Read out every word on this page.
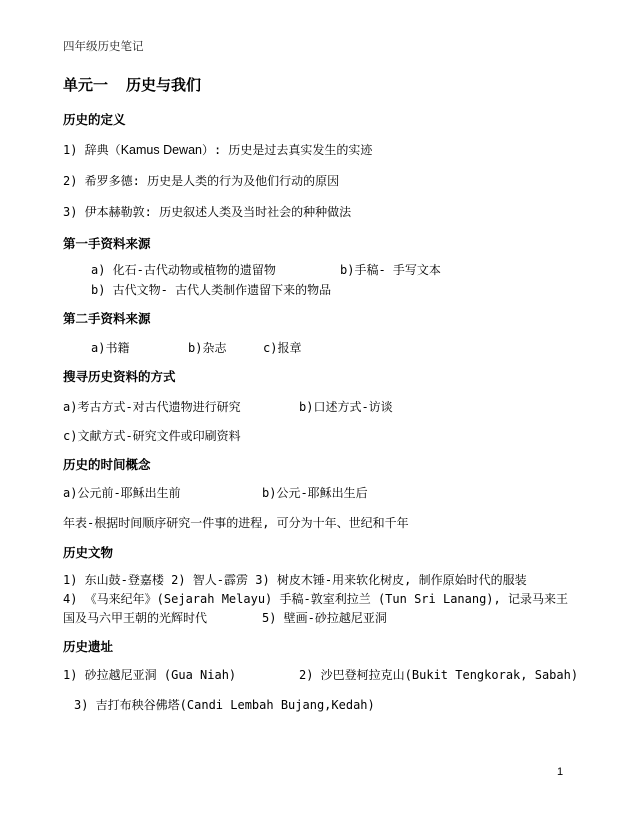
四年级历史笔记
单元一 历史与我们
历史的定义
1) 辞典（Kamus Dewan）: 历史是过去真实发生的实迹
2) 希罗多德: 历史是人类的行为及他们行动的原因
3) 伊本赫勒敦: 历史叙述人类及当时社会的种种做法
第一手资料来源
a) 化石-古代动物或植物的遗留物	b)手稿- 手写文本
b) 古代文物- 古代人类制作遗留下来的物品
第二手资料来源
a)书籍	b)杂志	c)报章
搜寻历史资料的方式
a)考古方式-对古代遗物进行研究	b)口述方式-访谈
c)文献方式-研究文件或印刷资料
历史的时间概念
a)公元前-耶稣出生前	b)公元-耶稣出生后
年表-根据时间顺序研究一件事的进程, 可分为十年、世纪和千年
历史文物
1) 东山鼓-登嘉楼 2) 智人-霹雳 3) 树皮木锤-用来软化树皮, 制作原始时代的服装
4) 《马来纪年》(Sejarah Melayu) 手稿-敦室利拉兰 (Tun Sri Lanang), 记录马来王
国及马六甲王朝的光辉时代	5) 壁画-砂拉越尼亚洞
历史遗址
1) 砂拉越尼亚洞 (Gua Niah)	2) 沙巴登柯拉克山(Bukit Tengkorak, Sabah)
3) 吉打布秧谷佛塔(Candi Lembah Bujang,Kedah)
1
